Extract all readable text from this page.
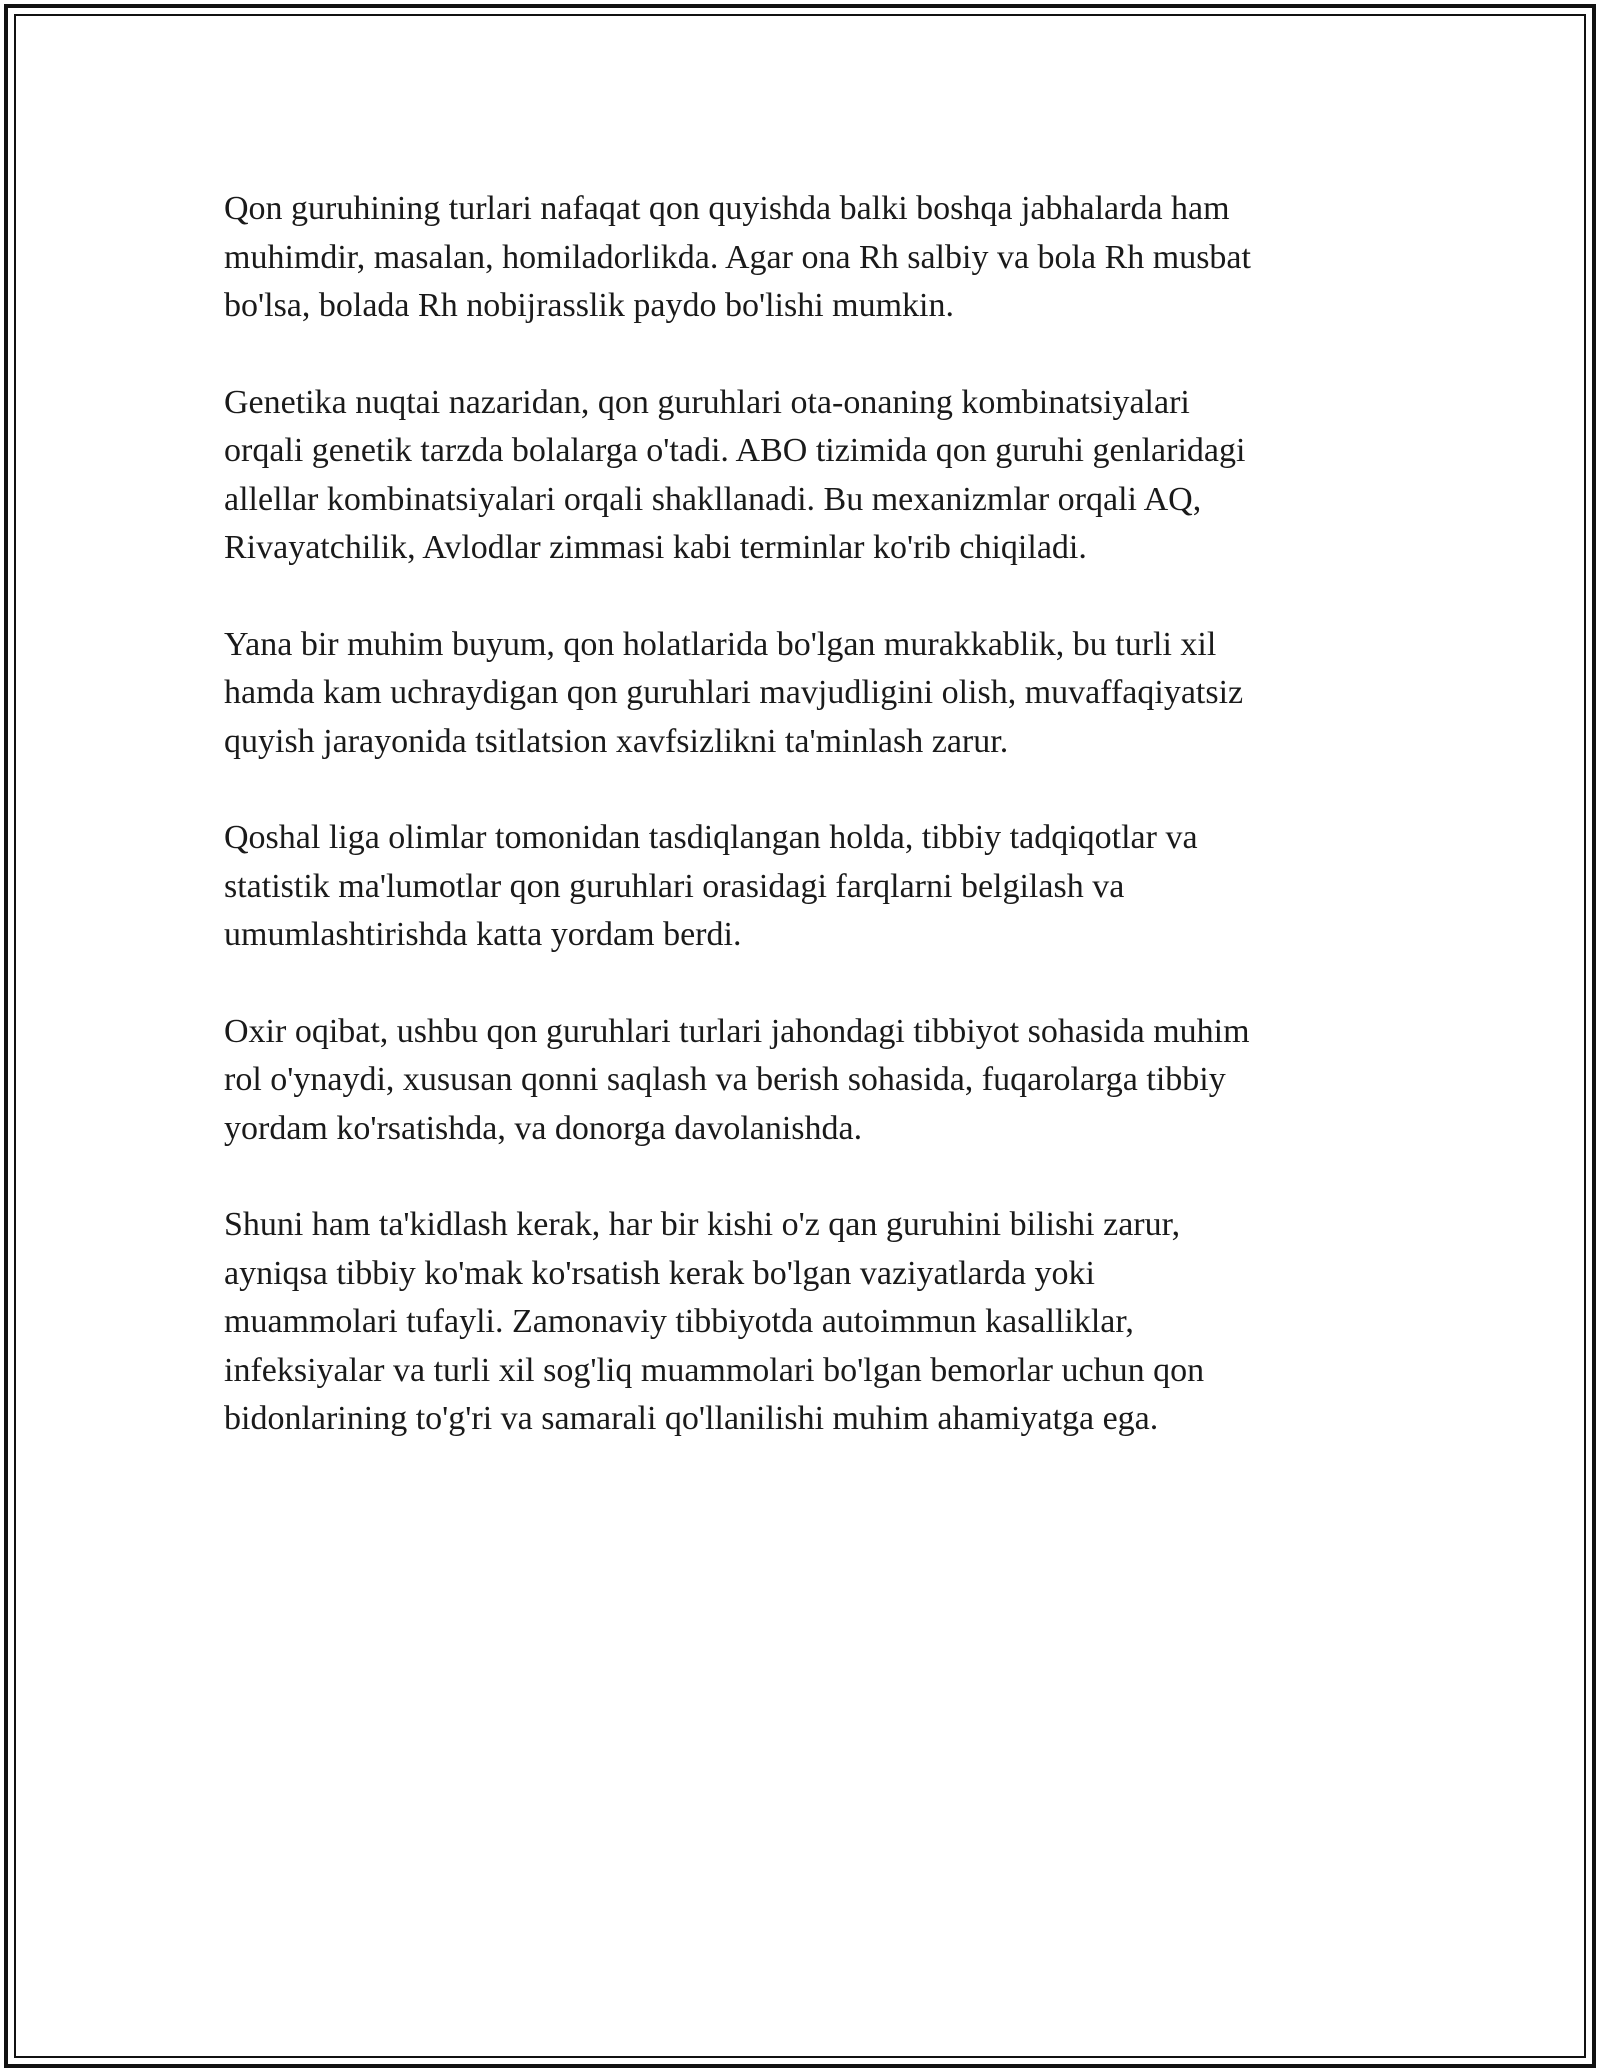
Qon guruhining turlari nafaqat qon quyishda balki boshqa jabhalarda ham
muhimdir, masalan, homiladorlikda. Agar ona Rh salbiy va bola Rh musbat
bo'lsa, bolada Rh nobijrasslik paydo bo'lishi mumkin.

Genetika nuqtai nazaridan, qon guruhlari ota-onaning kombinatsiyalari
orqali genetik tarzda bolalarga o'tadi. ABO tizimida qon guruhi genlaridagi
allellar kombinatsiyalari orqali shakllanadi. Bu mexanizmlar orqali AQ,
Rivayatchilik, Avlodlar zimmasi kabi terminlar ko'rib chiqiladi.

Yana bir muhim buyum, qon holatlarida bo'lgan murakkablik, bu turli xil
hamda kam uchraydigan qon guruhlari mavjudligini olish, muvaffaqiyatsiz
quyish jarayonida tsitlatsion xavfsizlikni ta'minlash zarur.

Qoshal liga olimlar tomonidan tasdiqlangan holda, tibbiy tadqiqotlar va
statistik ma'lumotlar qon guruhlari orasidagi farqlarni belgilash va
umumlashtirishda katta yordam berdi.

Oxir oqibat, ushbu qon guruhlari turlari jahondagi tibbiyot sohasida muhim
rol o'ynaydi, xususan qonni saqlash va berish sohasida, fuqarolarga tibbiy
yordam ko'rsatishda, va donorga davolanishda.

Shuni ham ta'kidlash kerak, har bir kishi o'z qan guruhini bilishi zarur,
ayniqsa tibbiy ko'mak ko'rsatish kerak bo'lgan vaziyatlarda yoki
muammolari tufayli. Zamonaviy tibbiyotda autoimmun kasalliklar,
infeksiyalar va turli xil sog'liq muammolari bo'lgan bemorlar uchun qon
bidonlarining to'g'ri va samarali qo'llanilishi muhim ahamiyatga ega.
